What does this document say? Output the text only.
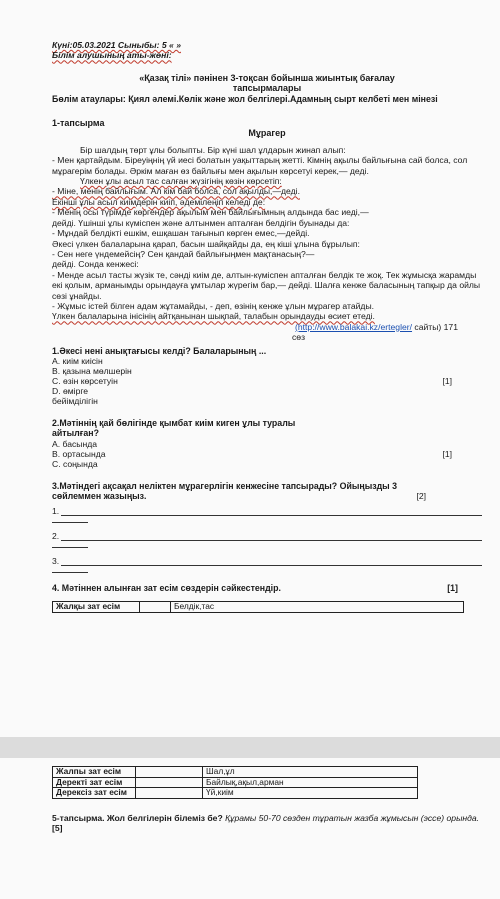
Күні:05.03.2021 Сыныбы: 5 « »

Білім алушының аты-жөні:

«Қазақ тілі» пәнінен 3-тоқсан бойынша жиынтық бағалау

тапсырмалары

Бөлім атаулары: Қиял әлемі.Көлік және жол белгілері.Адамның сырт келбеті мен мінезі

1-тапсырма

Мұрагер

Бір шалдың төрт ұлы болыпты. Бір күні шал ұлдарын жинап алып:

- Мен қартайдым. Біреуіңнің үй иесі болатын уақыттарың жетті. Кімнің ақылы байлығына сай болса, сол мұрагерім болады. Әркім маған өз байлығы мен ақылын көрсетуі керек,— деді.

Үлкен ұлы асыл тас салған жүзігінің көзін көрсетіп:

- Міне, менің байлығым. Ал кім бай болса, сол ақылды,—деді.

Екінші ұлы асыл киімдерін киіп, әдемілеңіп келеді де:

- Менің осы түрімде көргендер ақылым мен байлығымның алдында бас иеді,—

дейді. Үшінші ұлы күміспен және алтынмен апталған белдігін буынады да:

- Мұндай белдікті ешкім, ешқашан тағынып көрген емес,—дейді.

Әкесі үлкен балаларына қарап, басын шайқайды да, ең кіші ұлына бұрылып:

- Сен неге үндемейсің? Сен қандай байлығыңмен мақтанасың?—

дейді. Сонда кенжесі:

- Менде асыл тасты жүзік те, сәнді киім де, алтын-күміспен апталған белдік те жоқ. Тек жұмысқа жарамды екі қолым, арманымды орындауға ұмтылар жүрегім бар,— дейді. Шалға кенже баласының тапқыр да ойлы сөзі ұнайды.

- Жұмыс істей білген адам жұтамайды, - деп, өзінің кенже ұлын мұрагер атайды.

Үлкен балаларына інісінің айтқанынан шықпай, талабын орындауды өсиет етеді.

(http://www.balakai.kz/ertegler/ сайты) 171

сөз

1.Әкесі нені анықтағысы келді? Балаларының ...

A. киім киісін

B. қазына мөлшерін

C. өзін көрсетуін	[1]

D. өмірге

бейімділігін

2.Мәтіннің қай бөлігінде қымбат киім киген ұлы туралы

айтылған?

A. басында

B. ортасында	[1]

C. соңында

3.Мәтіндегі ақсақал неліктен мұрагерлігін кенжесіне тапсырады? Ойыңызды 3

сөйлеммен жазыңыз.	[2]
1.
2.
3.
4. Мәтіннен алынған зат есім сөздерін сәйкестендір.	[1]
Жалқы зат есім		Белдік,тас
Жалпы зат есім		Шал,ұл
Деректі зат есім		Байлық,ақыл,арман
Дерексіз зат есім		Үй,киім

5-тапсырма. Жол белгілерін білеміз бе? Құрамы 50-70 сөзден тұратын жазба жұмысын (эссе) орында.

[5]
